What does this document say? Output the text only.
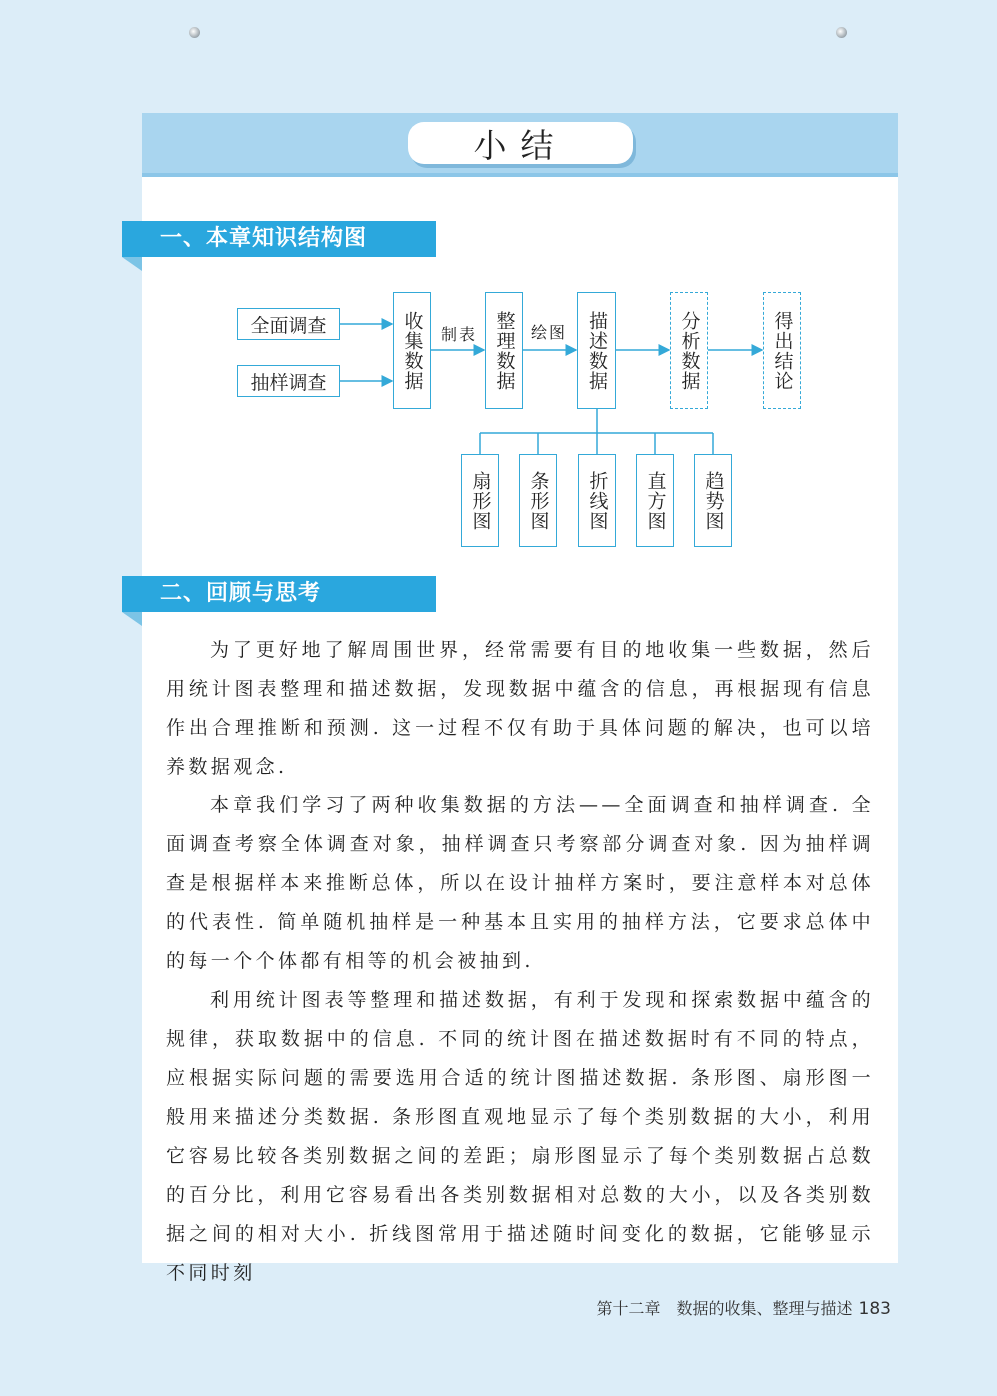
小结
一、本章知识结构图
全面调查
抽样调查	收集数据	整理数据	描述数据	分析数据	得出结论
制表	绘图
扇形图 条形图 折线图 直方图 趋势图
二、回顾与思考

为了更好地了解周围世界，经常需要有目的地收集一些数据，然后用统计图表整理和描述数据，发现数据中蕴含的信息，再根据现有信息作出合理推断和预测. 这一过程不仅有助于具体问题的解决，也可以培养数据观念.

本章我们学习了两种收集数据的方法——全面调查和抽样调查. 全面调查考察全体调查对象，抽样调查只考察部分调查对象. 因为抽样调查是根据样本来推断总体，所以在设计抽样方案时，要注意样本对总体的代表性. 简单随机抽样是一种基本且实用的抽样方法，它要求总体中的每一个个体都有相等的机会被抽到.

利用统计图表等整理和描述数据，有利于发现和探索数据中蕴含的规律，获取数据中的信息. 不同的统计图在描述数据时有不同的特点，应根据实际问题的需要选用合适的统计图描述数据. 条形图、扇形图一般用来描述分类数据. 条形图直观地显示了每个类别数据的大小，利用它容易比较各类别数据之间的差距；扇形图显示了每个类别数据占总数的百分比，利用它容易看出各类别数据相对总数的大小，以及各类别数据之间的相对大小. 折线图常用于描述随时间变化的数据，它能够显示不同时刻

第十二章　数据的收集、整理与描述 183
